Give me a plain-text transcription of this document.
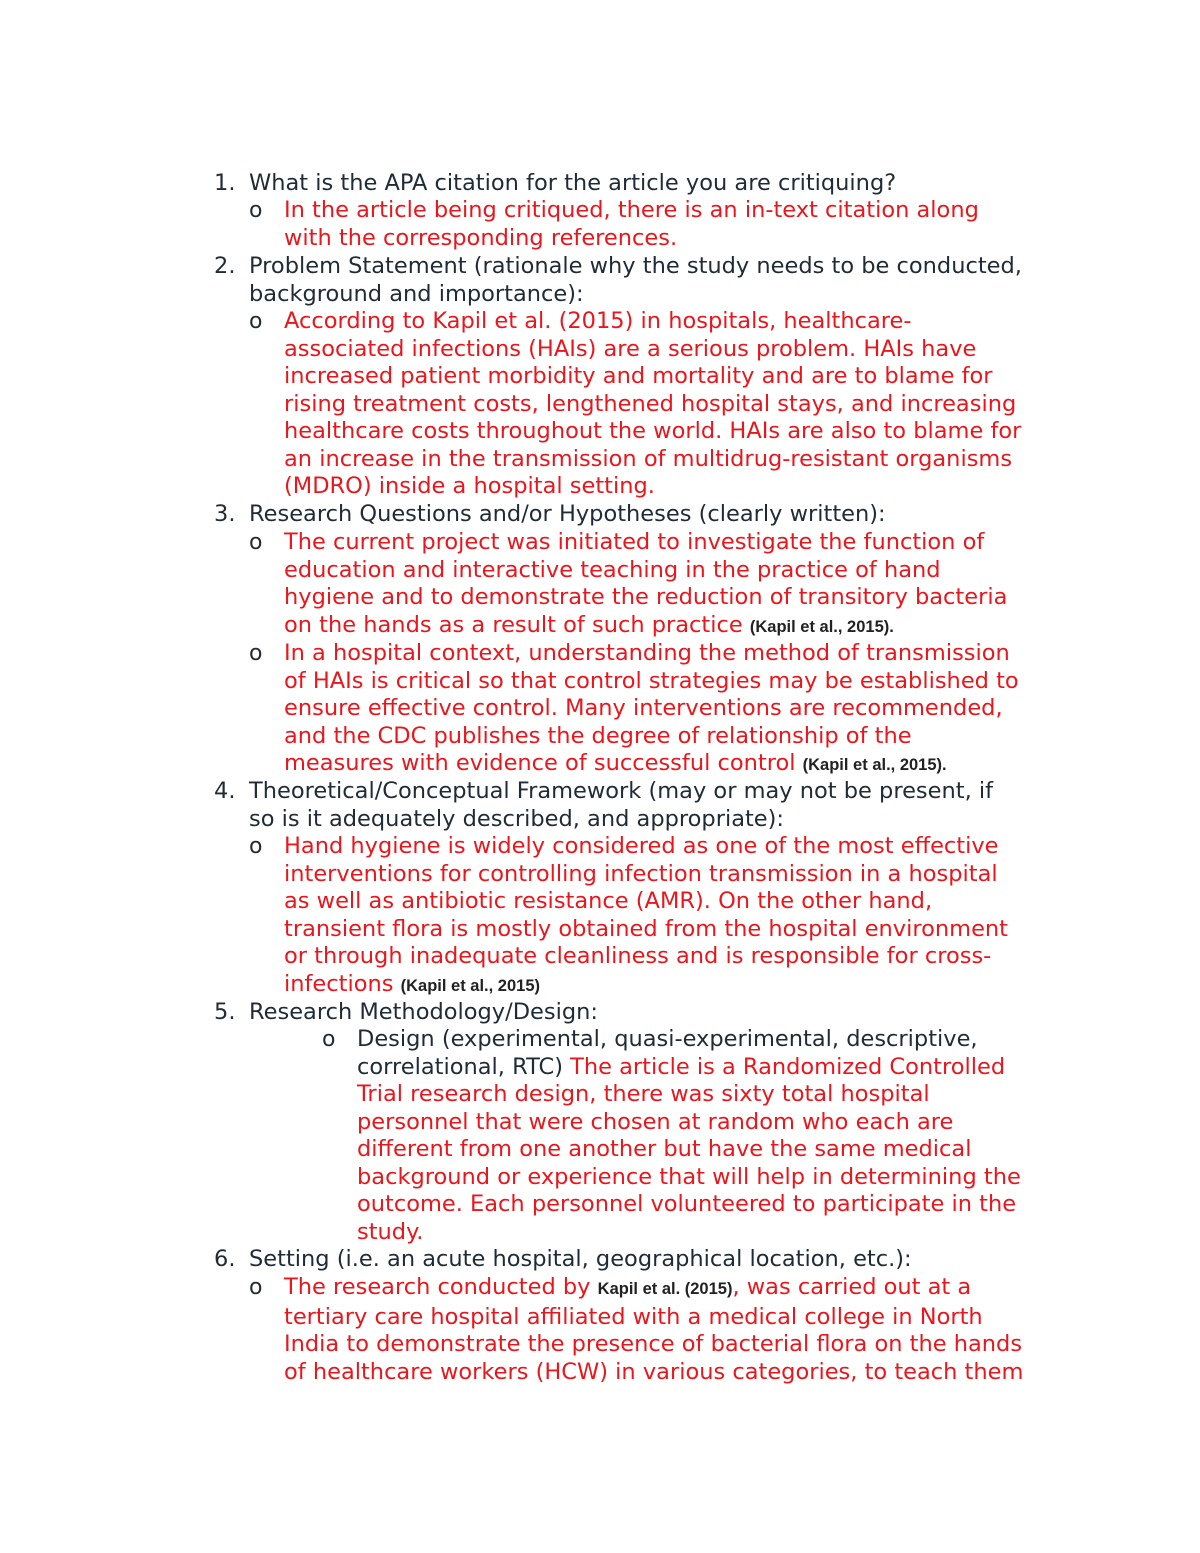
1. What is the APA citation for the article you are critiquing?
o In the article being critiqued, there is an in-text citation along
with the corresponding references.
2. Problem Statement (rationale why the study needs to be conducted,
background and importance):
o According to Kapil et al. (2015) in hospitals, healthcare-
associated infections (HAIs) are a serious problem. HAIs have
increased patient morbidity and mortality and are to blame for
rising treatment costs, lengthened hospital stays, and increasing
healthcare costs throughout the world. HAIs are also to blame for
an increase in the transmission of multidrug-resistant organisms
(MDRO) inside a hospital setting.
3. Research Questions and/or Hypotheses (clearly written):
o The current project was initiated to investigate the function of
education and interactive teaching in the practice of hand
hygiene and to demonstrate the reduction of transitory bacteria
on the hands as a result of such practice (Kapil et al., 2015).
o In a hospital context, understanding the method of transmission
of HAIs is critical so that control strategies may be established to
ensure effective control. Many interventions are recommended,
and the CDC publishes the degree of relationship of the
measures with evidence of successful control (Kapil et al., 2015).
4. Theoretical/Conceptual Framework (may or may not be present, if
so is it adequately described, and appropriate):
o Hand hygiene is widely considered as one of the most effective
interventions for controlling infection transmission in a hospital
as well as antibiotic resistance (AMR). On the other hand,
transient flora is mostly obtained from the hospital environment
or through inadequate cleanliness and is responsible for cross-
infections (Kapil et al., 2015)
5. Research Methodology/Design:
o Design (experimental, quasi-experimental, descriptive,
correlational, RTC) The article is a Randomized Controlled
Trial research design, there was sixty total hospital
personnel that were chosen at random who each are
different from one another but have the same medical
background or experience that will help in determining the
outcome. Each personnel volunteered to participate in the
study.
6. Setting (i.e. an acute hospital, geographical location, etc.):
o The research conducted by Kapil et al. (2015), was carried out at a
tertiary care hospital affiliated with a medical college in North
India to demonstrate the presence of bacterial flora on the hands
of healthcare workers (HCW) in various categories, to teach them
